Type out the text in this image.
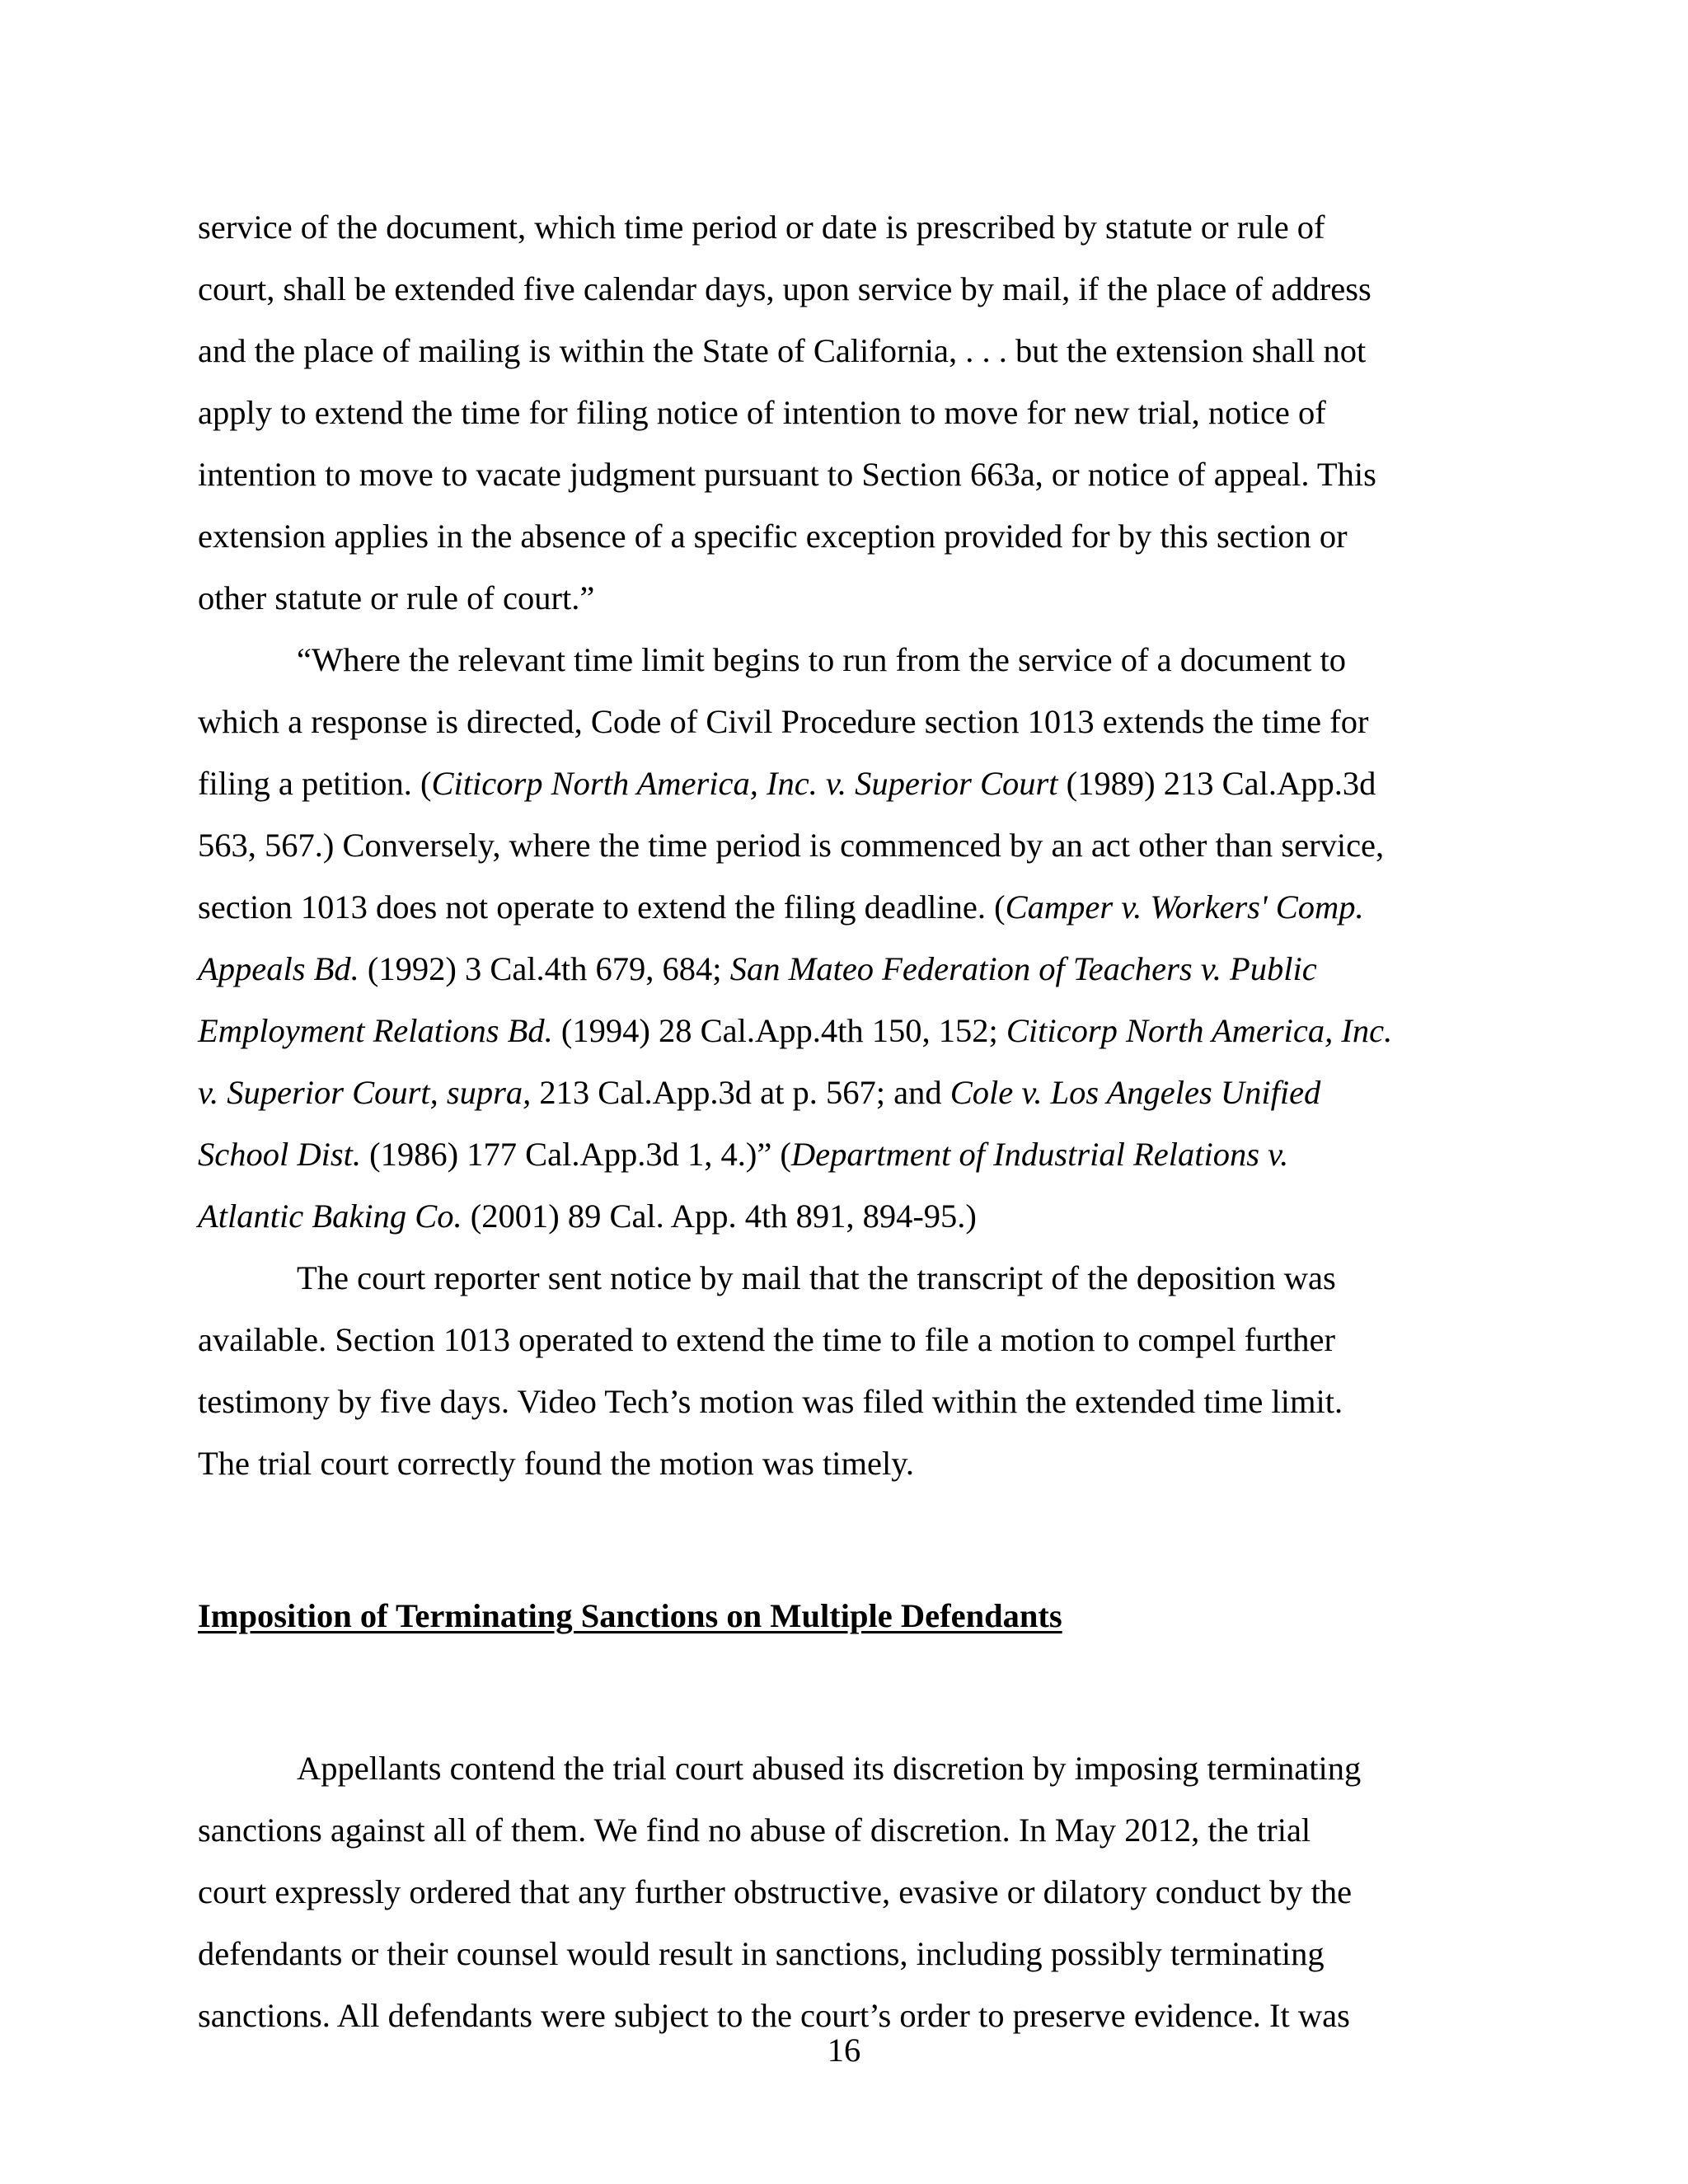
service of the document, which time period or date is prescribed by statute or rule of
court, shall be extended five calendar days, upon service by mail, if the place of address
and the place of mailing is within the State of California, . . . but the extension shall not
apply to extend the time for filing notice of intention to move for new trial, notice of
intention to move to vacate judgment pursuant to Section 663a, or notice of appeal. This
extension applies in the absence of a specific exception provided for by this section or
other statute or rule of court.”
“Where the relevant time limit begins to run from the service of a document to
which a response is directed, Code of Civil Procedure section 1013 extends the time for
filing a petition. (Citicorp North America, Inc. v. Superior Court (1989) 213 Cal.App.3d
563, 567.) Conversely, where the time period is commenced by an act other than service,
section 1013 does not operate to extend the filing deadline. (Camper v. Workers' Comp.
Appeals Bd. (1992) 3 Cal.4th 679, 684; San Mateo Federation of Teachers v. Public
Employment Relations Bd. (1994) 28 Cal.App.4th 150, 152; Citicorp North America, Inc.
v. Superior Court, supra, 213 Cal.App.3d at p. 567; and Cole v. Los Angeles Unified
School Dist. (1986) 177 Cal.App.3d 1, 4.)” (Department of Industrial Relations v.
Atlantic Baking Co. (2001) 89 Cal. App. 4th 891, 894-95.)
The court reporter sent notice by mail that the transcript of the deposition was
available. Section 1013 operated to extend the time to file a motion to compel further
testimony by five days. Video Tech’s motion was filed within the extended time limit.
The trial court correctly found the motion was timely.
Imposition of Terminating Sanctions on Multiple Defendants
Appellants contend the trial court abused its discretion by imposing terminating
sanctions against all of them. We find no abuse of discretion. In May 2012, the trial
court expressly ordered that any further obstructive, evasive or dilatory conduct by the
defendants or their counsel would result in sanctions, including possibly terminating
sanctions. All defendants were subject to the court’s order to preserve evidence. It was
16
